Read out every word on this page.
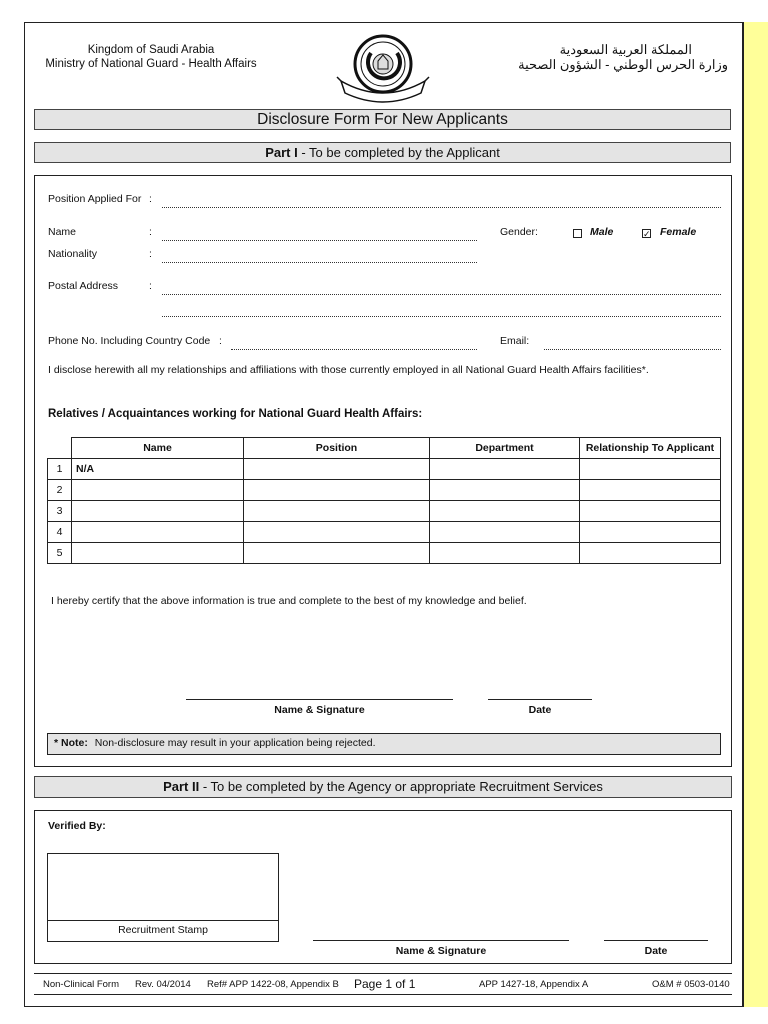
Kingdom of Saudi Arabia
Ministry of National Guard - Health Affairs
المملكة العربية السعودية
وزارة الحرس الوطني - الشؤون الصحية
Disclosure Form For New Applicants
Part I - To be completed by the Applicant
Position Applied For :
Name	:	Gender:	Male	✓ Female
Nationality	:
Postal Address	:
Phone No. Including Country Code :	Email:
I disclose herewith all my relationships and affiliations with those currently employed in all National Guard Health Affairs facilities*.
Relatives / Acquaintances working for National Guard Health Affairs:
	Name	Position	Department	Relationship To Applicant
1	N/A			
2				
3				
4				
5				
I hereby certify that the above information is true and complete to the best of my knowledge and belief.
Name & Signature	Date
* Note: Non-disclosure may result in your application being rejected.
Part II - To be completed by the Agency or appropriate Recruitment Services
Verified By:
Recruitment Stamp
Name & Signature	Date
Non-Clinical Form Rev. 04/2014 Ref# APP 1422-08, Appendix B Page 1 of 1	APP 1427-18, Appendix A	O&M # 0503-0140
